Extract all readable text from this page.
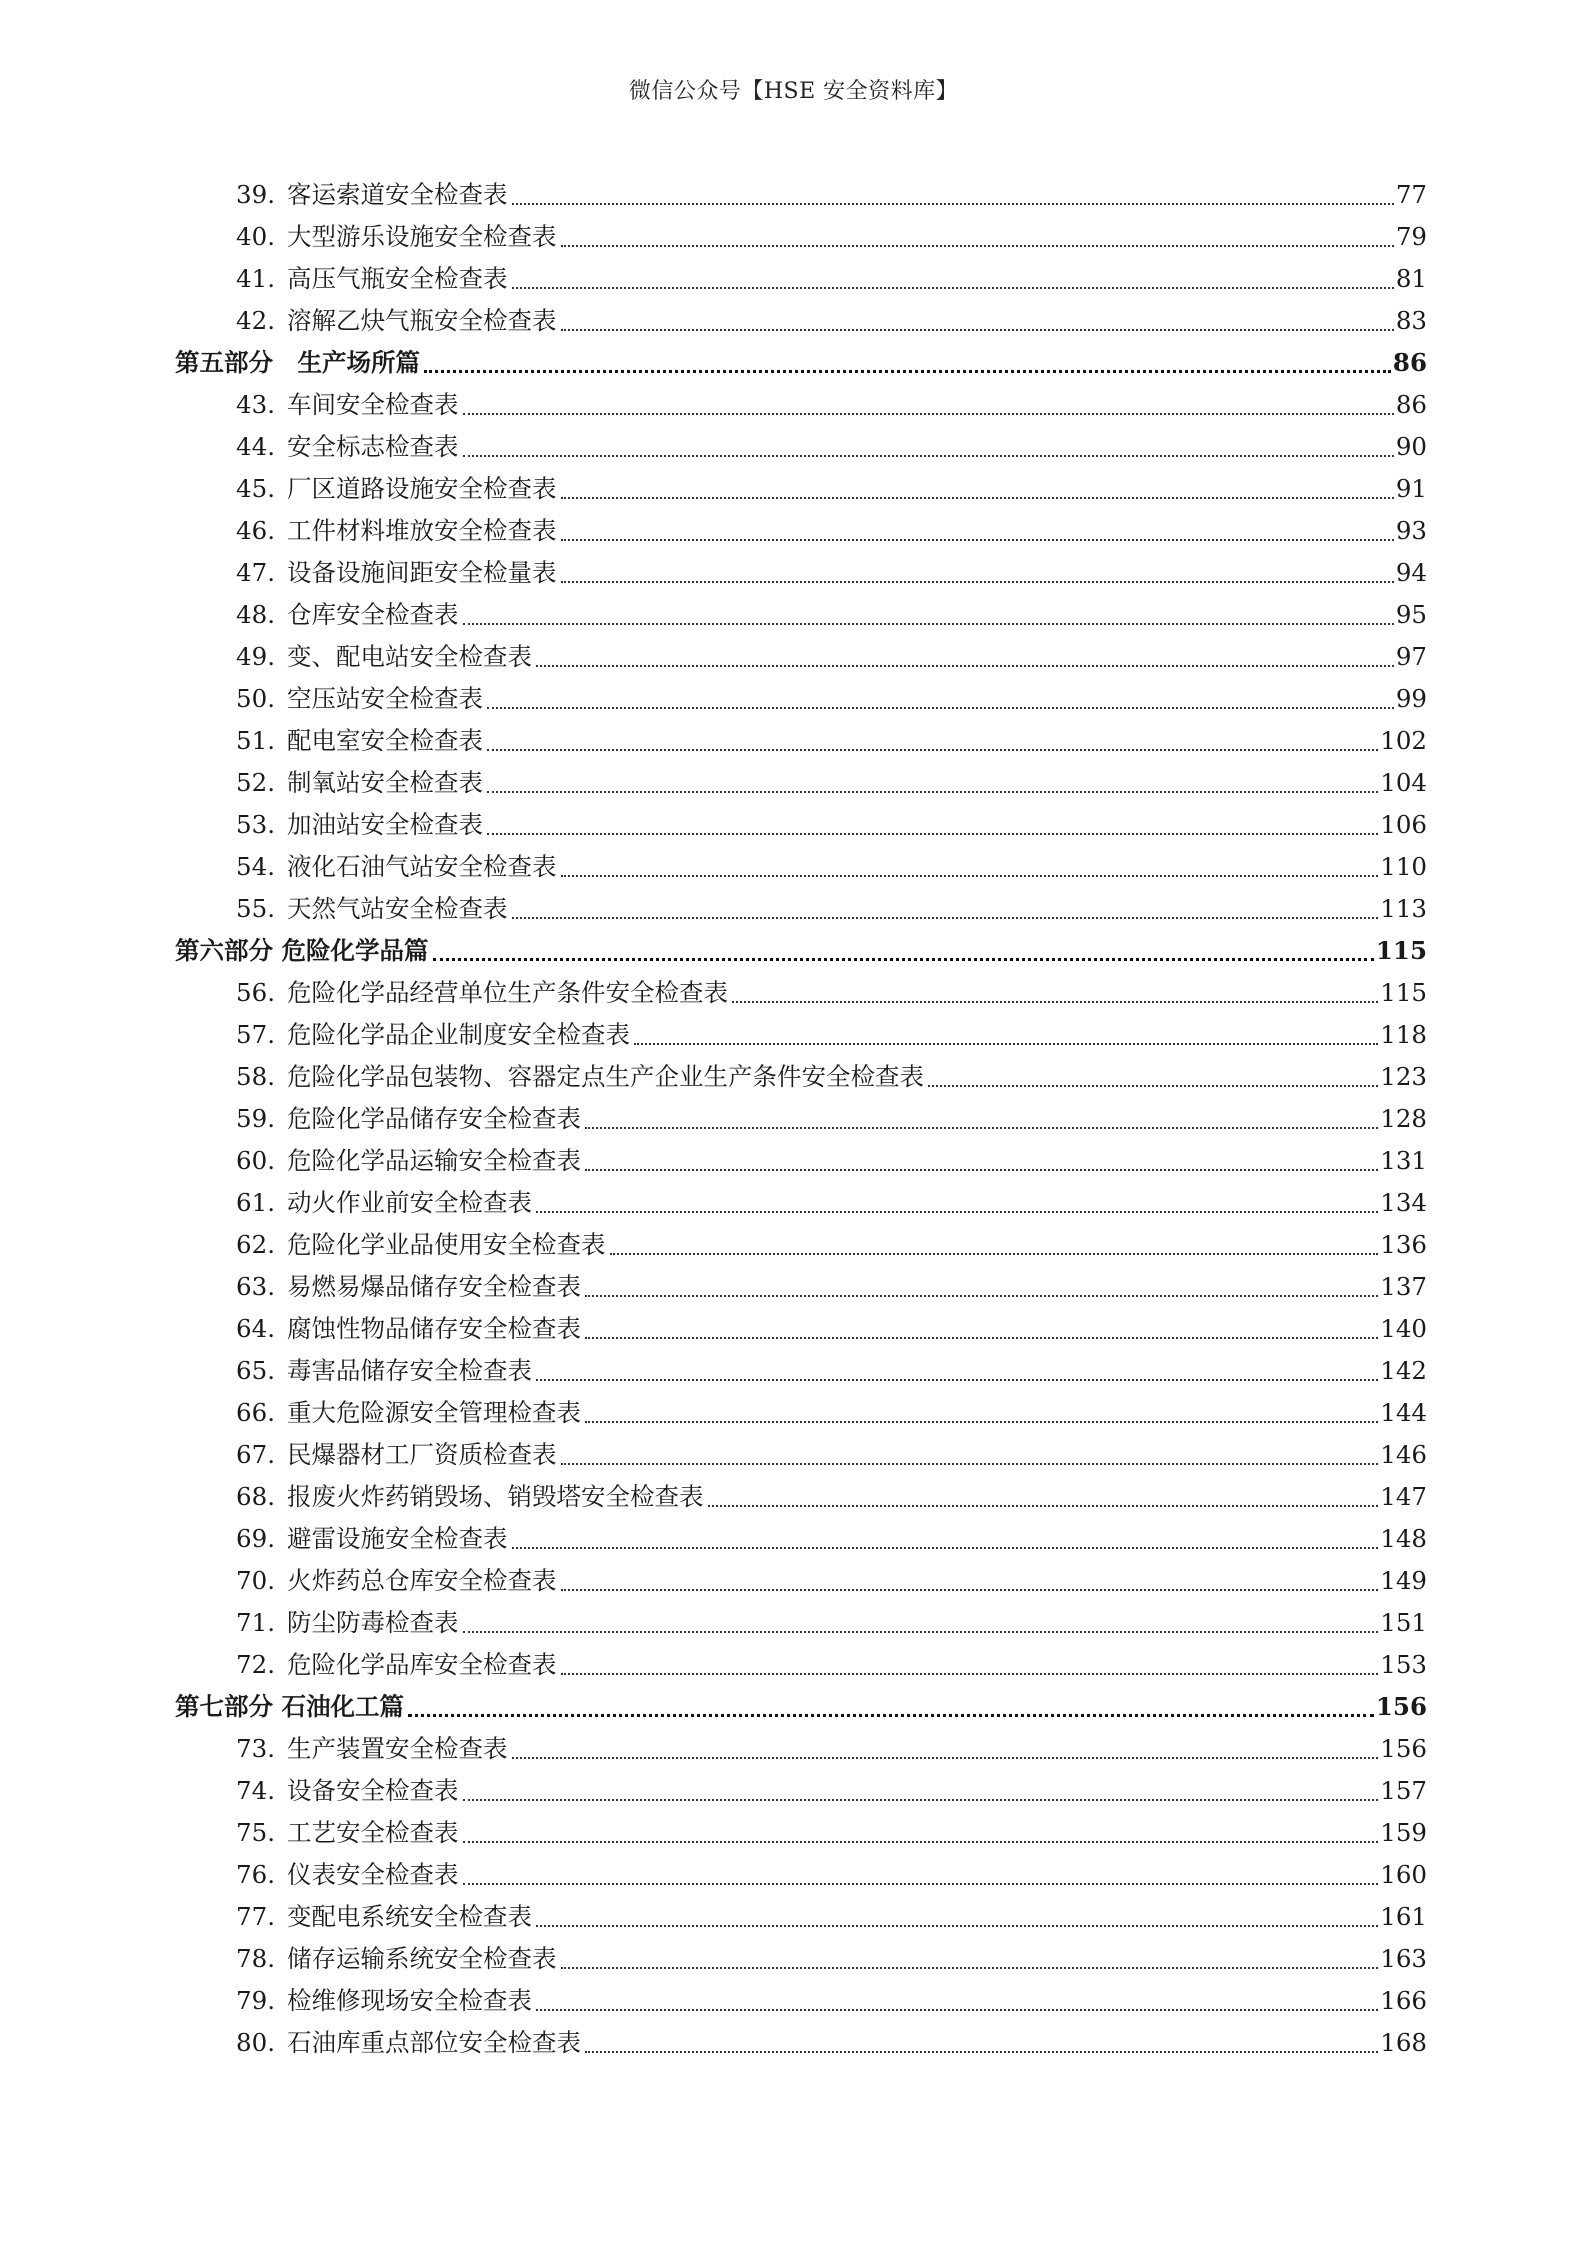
微信公众号【HSE 安全资料库】
39. 客运索道安全检查表	77
40. 大型游乐设施安全检查表	79
41. 高压气瓶安全检查表	81
42. 溶解乙炔气瓶安全检查表	83
第五部分　生产场所篇	86
43. 车间安全检查表	86
44. 安全标志检查表	90
45. 厂区道路设施安全检查表	91
46. 工件材料堆放安全检查表	93
47. 设备设施间距安全检量表	94
48. 仓库安全检查表	95
49. 变、配电站安全检查表	97
50. 空压站安全检查表	99
51. 配电室安全检查表	102
52. 制氧站安全检查表	104
53. 加油站安全检查表	106
54. 液化石油气站安全检查表	110
55. 天然气站安全检查表	113
第六部分 危险化学品篇	115
56. 危险化学品经营单位生产条件安全检查表	115
57. 危险化学品企业制度安全检查表	118
58. 危险化学品包装物、容器定点生产企业生产条件安全检查表	123
59. 危险化学品储存安全检查表	128
60. 危险化学品运输安全检查表	131
61. 动火作业前安全检查表	134
62. 危险化学业品使用安全检查表	136
63. 易燃易爆品储存安全检查表	137
64. 腐蚀性物品储存安全检查表	140
65. 毒害品储存安全检查表	142
66. 重大危险源安全管理检查表	144
67. 民爆器材工厂资质检查表	146
68. 报废火炸药销毁场、销毁塔安全检查表	147
69. 避雷设施安全检查表	148
70. 火炸药总仓库安全检查表	149
71. 防尘防毒检查表	151
72. 危险化学品库安全检查表	153
第七部分 石油化工篇	156
73. 生产装置安全检查表	156
74. 设备安全检查表	157
75. 工艺安全检查表	159
76. 仪表安全检查表	160
77. 变配电系统安全检查表	161
78. 储存运输系统安全检查表	163
79. 检维修现场安全检查表	166
80. 石油库重点部位安全检查表	168
